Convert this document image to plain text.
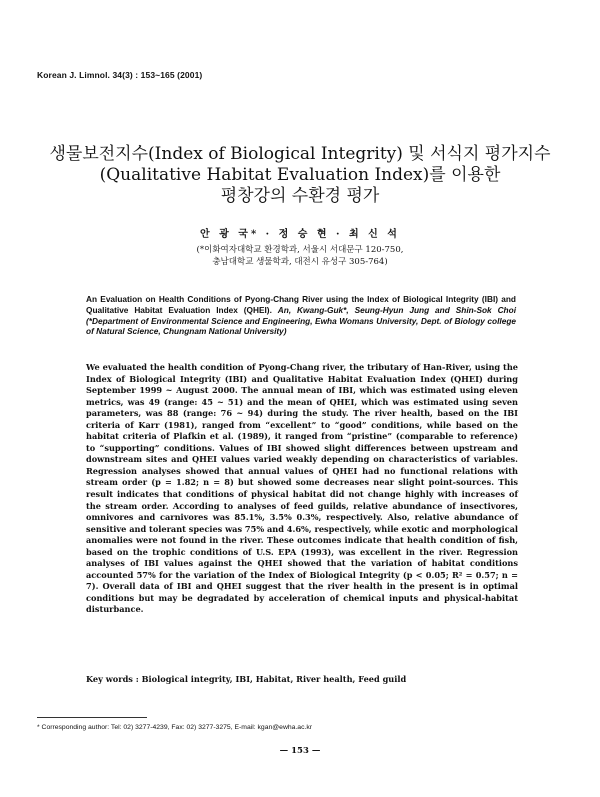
Korean J. Limnol. 34(3) : 153~165 (2001)
생물보전지수(Index of Biological Integrity) 및 서식지 평가지수
(Qualitative Habitat Evaluation Index)를 이용한
평창강의 수환경 평가
안 광 국* · 정 승 현 · 최 신 석
(*이화여자대학교 환경학과, 서울시 서대문구 120-750,
충남대학교 생물학과, 대전시 유성구 305-764)
An Evaluation on Health Conditions of Pyong-Chang River using the Index of Biological Integrity (IBI) and Qualitative Habitat Evaluation Index (QHEI). An, Kwang-Guk*, Seung-Hyun Jung and Shin-Sok Choi (*Department of Environmental Science and Engineering, Ewha Womans University, Dept. of Biology college of Natural Science, Chungnam National University)
We evaluated the health condition of Pyong-Chang river, the tributary of Han-River, using the Index of Biological Integrity (IBI) and Qualitative Habitat Evaluation Index (QHEI) during September 1999 ~ August 2000. The annual mean of IBI, which was estimated using eleven metrics, was 49 (range: 45 ~ 51) and the mean of QHEI, which was estimated using seven parameters, was 88 (range: 76 ~ 94) during the study. The river health, based on the IBI criteria of Karr (1981), ranged from “excellent” to “good” conditions, while based on the habitat criteria of Plafkin et al. (1989), it ranged from “pristine” (comparable to reference) to “supporting” conditions. Values of IBI showed slight differences between upstream and downstream sites and QHEI values varied weakly depending on characteristics of variables. Regression analyses showed that annual values of QHEI had no functional relations with stream order (p = 1.82; n = 8) but showed some decreases near slight point-sources. This result indicates that conditions of physical habitat did not change highly with increases of the stream order. According to analyses of feed guilds, relative abundance of insectivores, omnivores and carnivores was 85.1%, 3.5% 0.3%, respectively. Also, relative abundance of sensitive and tolerant species was 75% and 4.6%, respectively, while exotic and morphological anomalies were not found in the river. These outcomes indicate that health condition of fish, based on the trophic conditions of U.S. EPA (1993), was excellent in the river. Regression analyses of IBI values against the QHEI showed that the variation of habitat conditions accounted 57% for the variation of the Index of Biological Integrity (p < 0.05; R² = 0.57; n = 7). Overall data of IBI and QHEI suggest that the river health in the present is in optimal conditions but may be degradated by acceleration of chemical inputs and physical-habitat disturbance.
Key words : Biological integrity, IBI, Habitat, River health, Feed guild
* Corresponding author: Tel: 02) 3277-4239, Fax: 02) 3277-3275, E-mail: kgan@ewha.ac.kr
— 153 —
